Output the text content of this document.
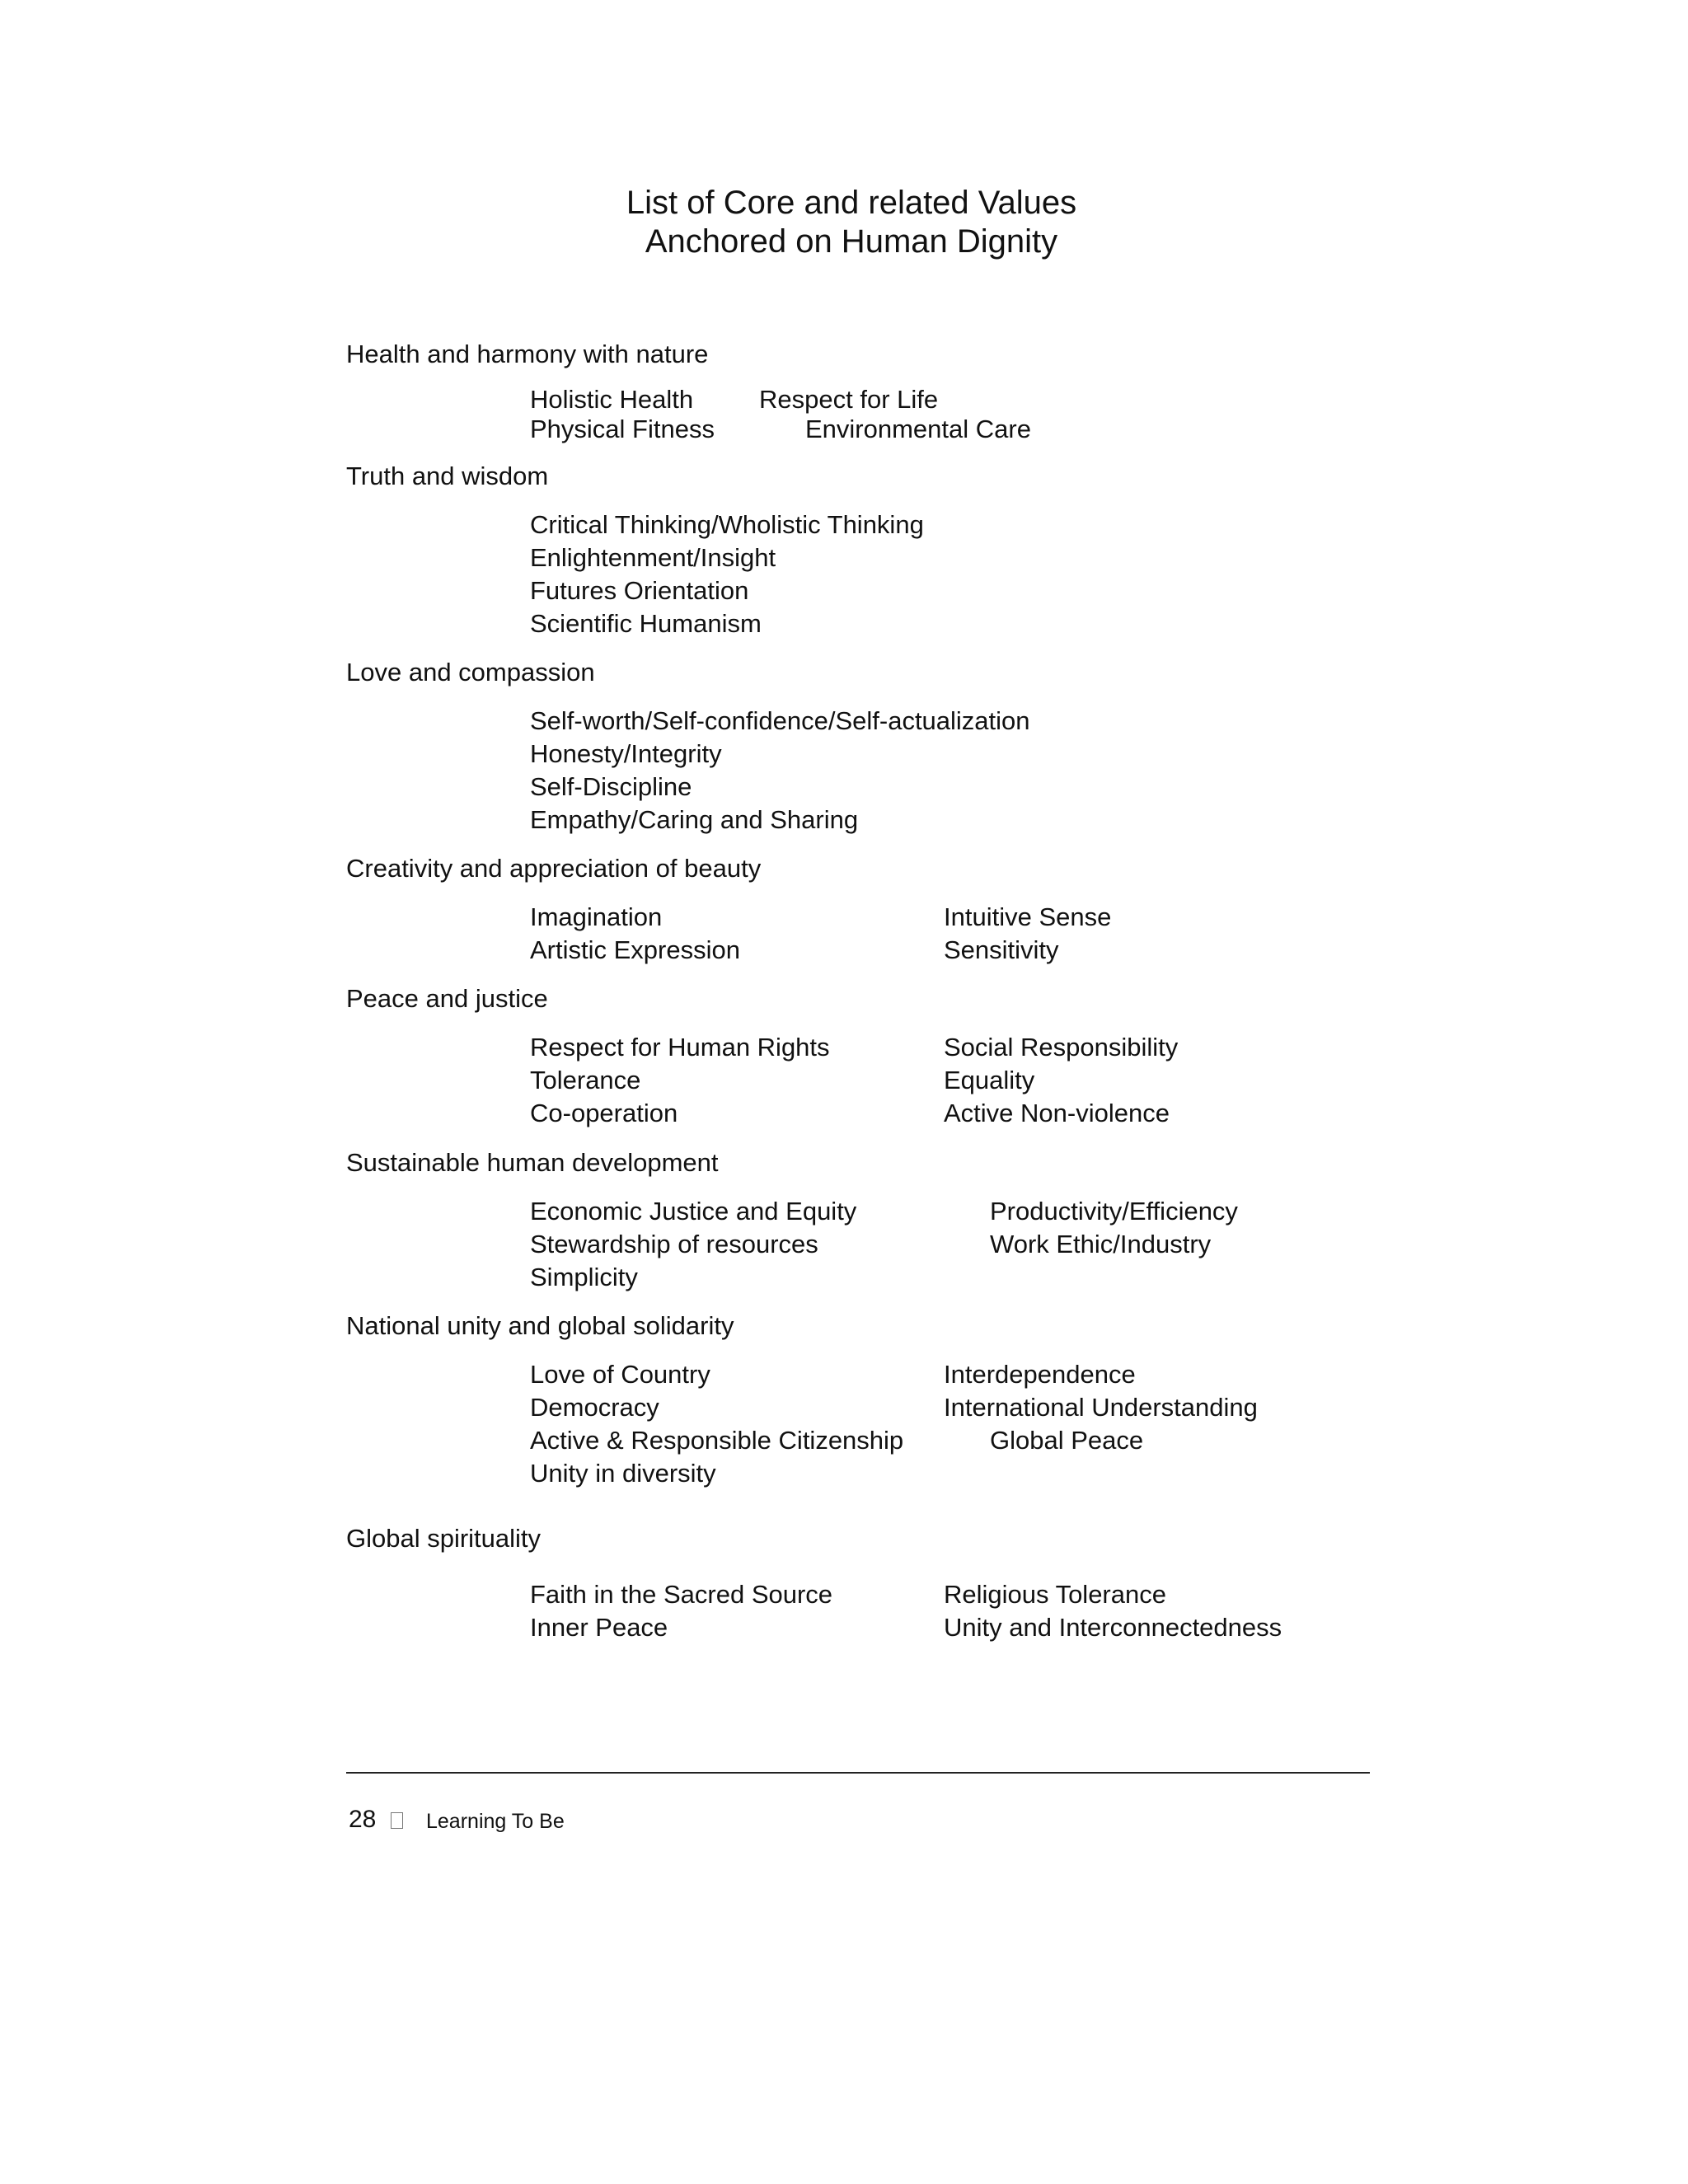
List of Core and related Values
Anchored on Human Dignity
Health and harmony with nature
Holistic Health	Respect for Life
Physical Fitness	Environmental Care
Truth and wisdom
Critical Thinking/Wholistic Thinking
Enlightenment/Insight
Futures Orientation
Scientific Humanism
Love and compassion
Self-worth/Self-confidence/Self-actualization
Honesty/Integrity
Self-Discipline
Empathy/Caring and Sharing
Creativity and appreciation of beauty
Imagination	Intuitive Sense
Artistic Expression	Sensitivity
Peace and justice
Respect for Human Rights	Social Responsibility
Tolerance	Equality
Co-operation	Active Non-violence
Sustainable human development
Economic Justice and Equity	Productivity/Efficiency
Stewardship of resources	Work Ethic/Industry
Simplicity
National unity and global solidarity
Love of Country	Interdependence
Democracy	International Understanding
Active & Responsible Citizenship	Global Peace
Unity in diversity
Global spirituality
Faith in the Sacred Source	Religious Tolerance
Inner Peace	Unity and Interconnectedness
28 Learning To Be
